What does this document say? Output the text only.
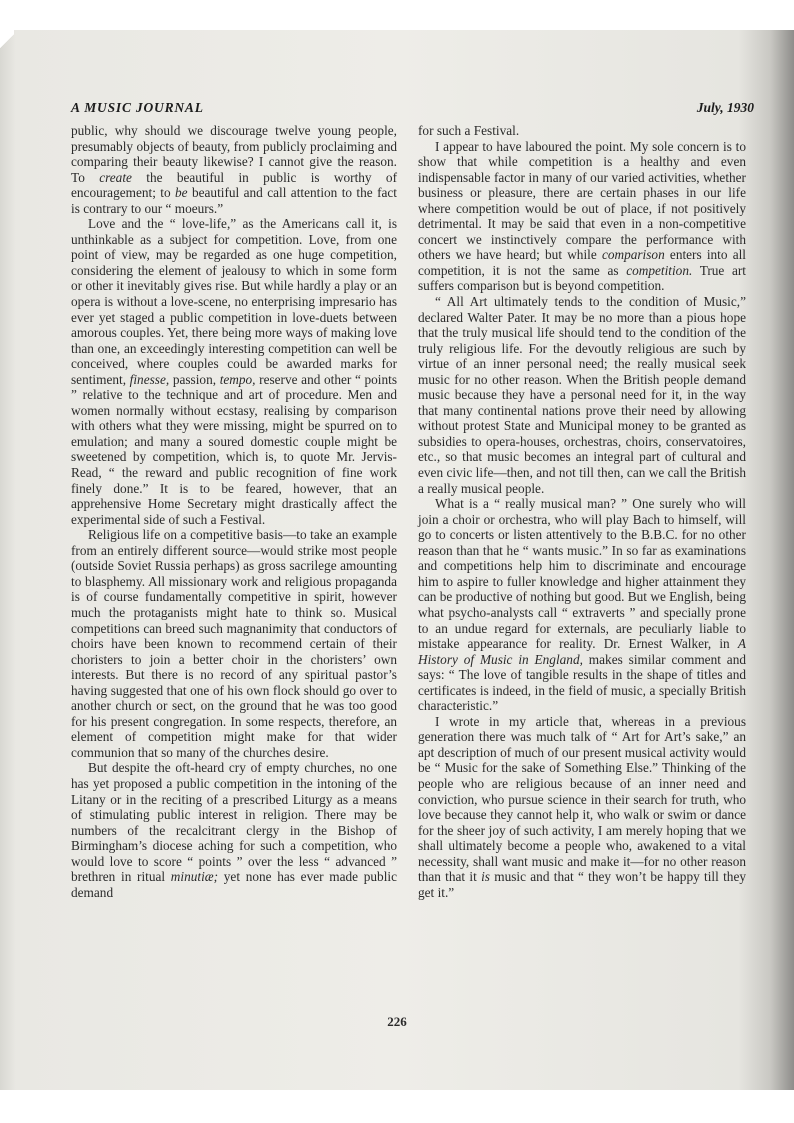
A MUSIC JOURNAL	July, 1930

public, why should we discourage twelve young people, presumably objects of beauty, from publicly proclaiming and comparing their beauty likewise? I cannot give the reason. To create the beautiful in public is worthy of encouragement; to be beautiful and call attention to the fact is contrary to our “ moeurs.”

Love and the “ love-life,” as the Americans call it, is unthinkable as a subject for competition. Love, from one point of view, may be regarded as one huge competition, considering the element of jealousy to which in some form or other it inevitably gives rise. But while hardly a play or an opera is without a love-scene, no enterprising impresario has ever yet staged a public competition in love-duets between amorous couples. Yet, there being more ways of making love than one, an exceedingly interesting competition can well be conceived, where couples could be awarded marks for sentiment, finesse, passion, tempo, reserve and other “ points ” relative to the technique and art of procedure. Men and women normally without ecstasy, realising by comparison with others what they were missing, might be spurred on to emulation; and many a soured domestic couple might be sweetened by competition, which is, to quote Mr. Jervis-Read, “ the reward and public recognition of fine work finely done.” It is to be feared, however, that an apprehensive Home Secretary might drastically affect the experimental side of such a Festival.

Religious life on a competitive basis—to take an example from an entirely different source—would strike most people (outside Soviet Russia perhaps) as gross sacrilege amounting to blasphemy. All missionary work and religious propaganda is of course fundamentally competitive in spirit, however much the protaganists might hate to think so. Musical competitions can breed such magnanimity that conductors of choirs have been known to recommend certain of their choristers to join a better choir in the choristers’ own interests. But there is no record of any spiritual pastor’s having suggested that one of his own flock should go over to another church or sect, on the ground that he was too good for his present congregation. In some respects, therefore, an element of competition might make for that wider communion that so many of the churches desire.

But despite the oft-heard cry of empty churches, no one has yet proposed a public competition in the intoning of the Litany or in the reciting of a prescribed Liturgy as a means of stimulating public interest in religion. There may be numbers of the recalcitrant clergy in the Bishop of Birmingham’s diocese aching for such a competition, who would love to score “ points ” over the less “ advanced ” brethren in ritual minutiæ; yet none has ever made public demand

for such a Festival.

I appear to have laboured the point. My sole concern is to show that while competition is a healthy and even indispensable factor in many of our varied activities, whether business or pleasure, there are certain phases in our life where competition would be out of place, if not positively detrimental. It may be said that even in a non-competitive concert we instinctively compare the performance with others we have heard; but while comparison enters into all competition, it is not the same as competition. True art suffers comparison but is beyond competition.

“ All Art ultimately tends to the condition of Music,” declared Walter Pater. It may be no more than a pious hope that the truly musical life should tend to the condition of the truly religious life. For the devoutly religious are such by virtue of an inner personal need; the really musical seek music for no other reason. When the British people demand music because they have a personal need for it, in the way that many continental nations prove their need by allowing without protest State and Municipal money to be granted as subsidies to opera-houses, orchestras, choirs, conservatoires, etc., so that music becomes an integral part of cultural and even civic life—then, and not till then, can we call the British a really musical people.

What is a “ really musical man? ” One surely who will join a choir or orchestra, who will play Bach to himself, will go to concerts or listen attentively to the B.B.C. for no other reason than that he “ wants music.” In so far as examinations and competitions help him to discriminate and encourage him to aspire to fuller knowledge and higher attainment they can be productive of nothing but good. But we English, being what psycho-analysts call “ extraverts ” and specially prone to an undue regard for externals, are peculiarly liable to mistake appearance for reality. Dr. Ernest Walker, in A History of Music in England, makes similar comment and says: “ The love of tangible results in the shape of titles and certificates is indeed, in the field of music, a specially British characteristic.”

I wrote in my article that, whereas in a previous generation there was much talk of “ Art for Art’s sake,” an apt description of much of our present musical activity would be “ Music for the sake of Something Else.” Thinking of the people who are religious because of an inner need and conviction, who pursue science in their search for truth, who love because they cannot help it, who walk or swim or dance for the sheer joy of such activity, I am merely hoping that we shall ultimately become a people who, awakened to a vital necessity, shall want music and make it—for no other reason than that it is music and that “ they won’t be happy till they get it.”

226
